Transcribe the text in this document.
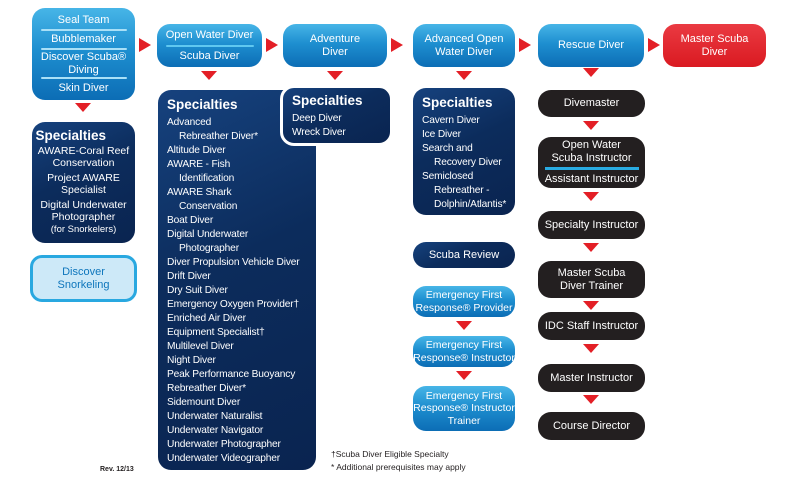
Seal Team
Bubblemaker
Discover Scuba® Diving
Skin Diver
Open Water Diver
Scuba Diver
Adventure Diver
Advanced Open Water Diver
Rescue Diver
Master Scuba Diver
Specialties
AWARE-Coral Reef Conservation
Project AWARE Specialist
Digital Underwater Photographer
(for Snorkelers)
Discover Snorkeling
Specialties
Advanced
Rebreather Diver*
Altitude Diver
AWARE - Fish
Identification
AWARE Shark
Conservation
Boat Diver
Digital Underwater
Photographer
Diver Propulsion Vehicle Diver
Drift Diver
Dry Suit Diver
Emergency Oxygen Provider†
Enriched Air Diver
Equipment Specialist†
Multilevel Diver
Night Diver
Peak Performance Buoyancy
Rebreather Diver*
Sidemount Diver
Underwater Naturalist
Underwater Navigator
Underwater Photographer
Underwater Videographer
Specialties
Deep Diver
Wreck Diver
Specialties
Cavern Diver
Ice Diver
Search and
Recovery Diver
Semiclosed
Rebreather -
Dolphin/Atlantis*
Scuba Review
Emergency First Response® Provider
Emergency First Response® Instructor
Emergency First Response® Instructor Trainer
Divemaster
Open Water Scuba Instructor
Assistant Instructor
Specialty Instructor
Master Scuba Diver Trainer
IDC Staff Instructor
Master Instructor
Course Director
Rev. 12/13
†Scuba Diver Eligible Specialty
* Additional prerequisites may apply
